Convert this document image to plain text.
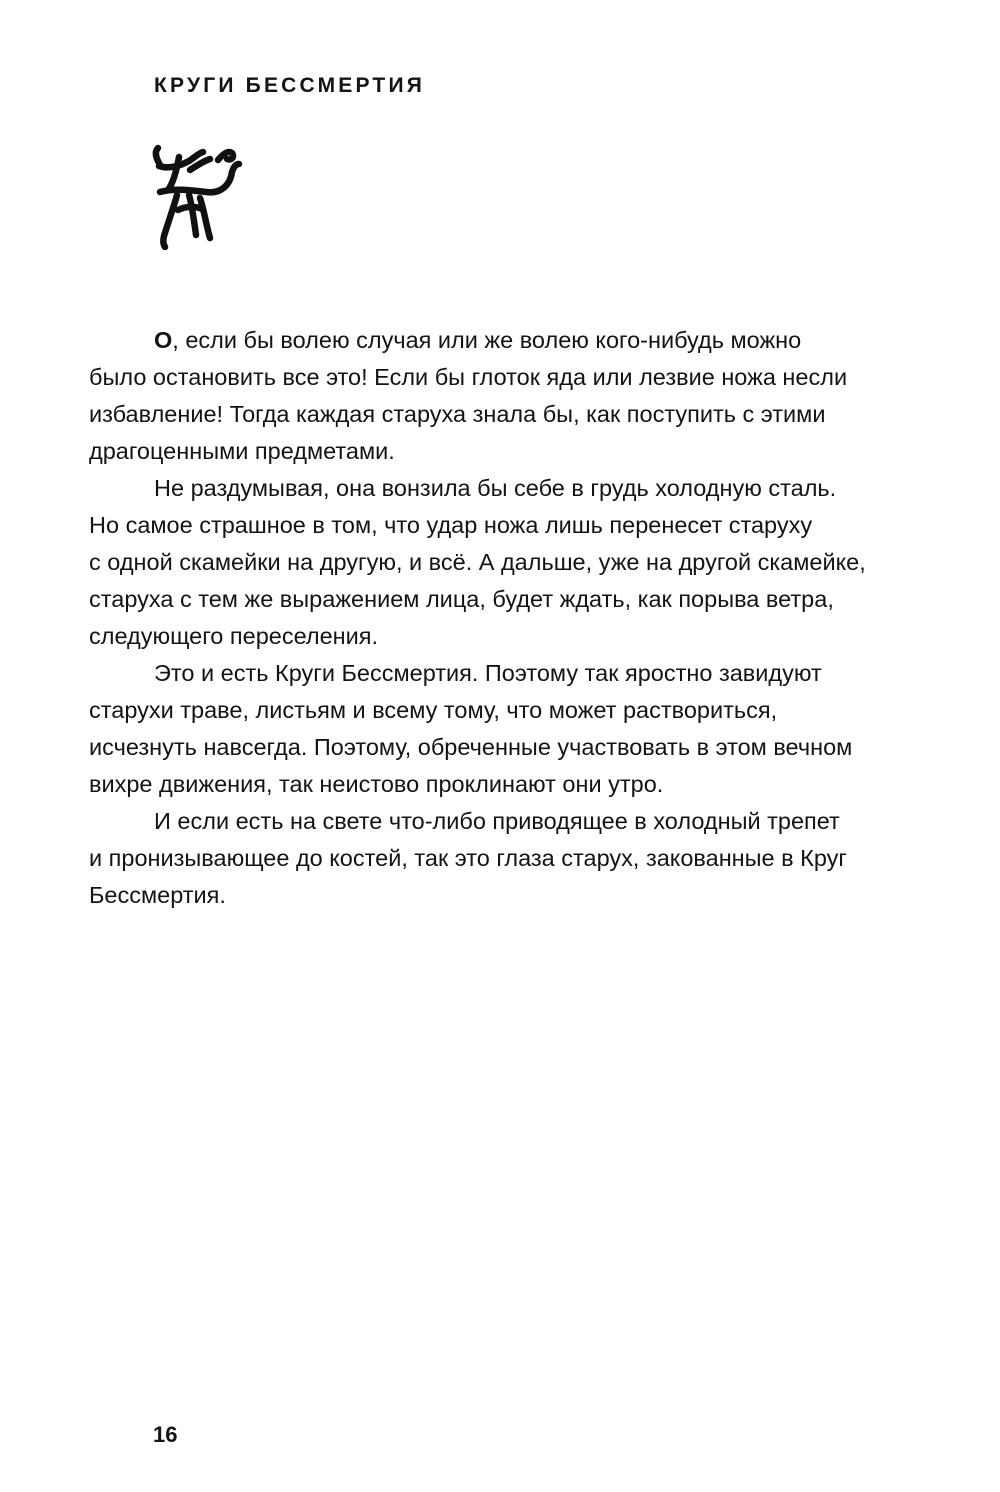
КРУГИ БЕССМЕРТИЯ
О, если бы волею случая или же волею кого-нибудь можно
было остановить все это! Если бы глоток яда или лезвие ножа несли
избавление! Тогда каждая старуха знала бы, как поступить с этими
драгоценными предметами.
Не раздумывая, она вонзила бы себе в грудь холодную сталь.
Но самое страшное в том, что удар ножа лишь перенесет старуху
с одной скамейки на другую, и всё. А дальше, уже на другой скамейке,
старуха с тем же выражением лица, будет ждать, как порыва ветра,
следующего переселения.
Это и есть Круги Бессмертия. Поэтому так яростно завидуют
старухи траве, листьям и всему тому, что может раствориться,
исчезнуть навсегда. Поэтому, обреченные участвовать в этом вечном
вихре движения, так неистово проклинают они утро.
И если есть на свете что-либо приводящее в холодный трепет
и пронизывающее до костей, так это глаза старух, закованные в Круг
Бессмертия.
16
